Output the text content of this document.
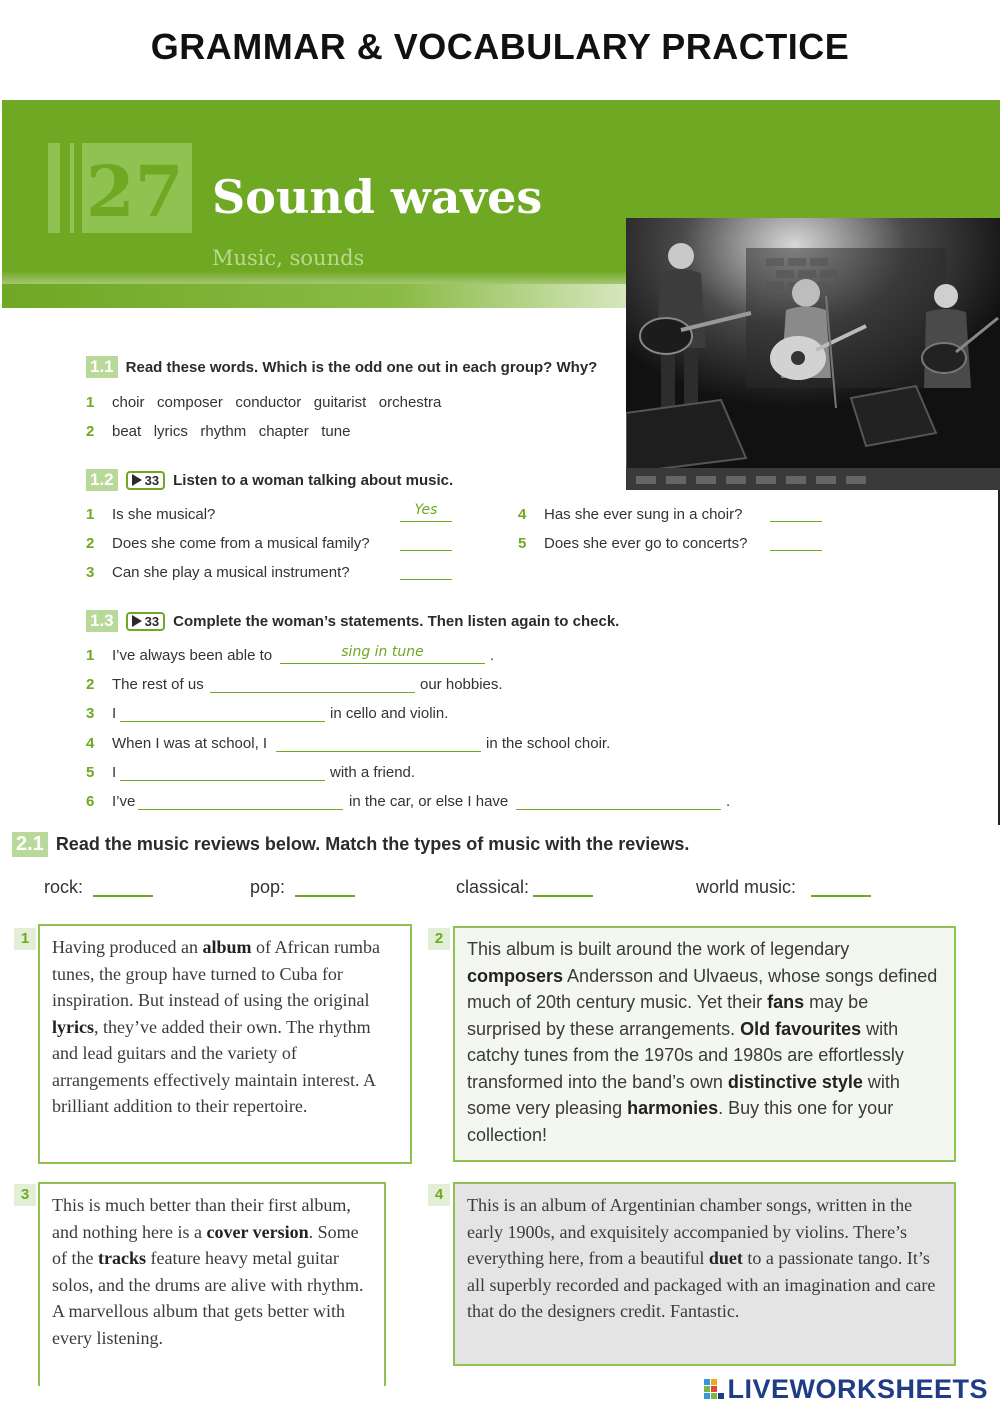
GRAMMAR & VOCABULARY PRACTICE
27 Sound waves
Music, sounds
1.1 Read these words. Which is the odd one out in each group? Why?
1 choir   composer   conductor   guitarist   orchestra
2 beat   lyrics   rhythm   chapter   tune
1.2 33 Listen to a woman talking about music.
1 Is she musical?	Yes
2 Does she come from a musical family?
3 Can she play a musical instrument?
4 Has she ever sung in a choir?
5 Does she ever go to concerts?
1.3 33 Complete the woman’s statements. Then listen again to check.
1 I’ve always been able to	sing in tune	.
2 The rest of us	our hobbies.
3 I	in cello and violin.
4 When I was at school, I	in the school choir.
5 I	with a friend.
6 I’ve	in the car, or else I have	.
2.1 Read the music reviews below. Match the types of music with the reviews.
rock:	pop:	classical:	world music:
1	Having produced an album of African rumba tunes, the group have turned to Cuba for inspiration. But instead of using the original lyrics, they’ve added their own. The rhythm and lead guitars and the variety of arrangements effectively maintain interest. A brilliant addition to their repertoire.
2
This album is built around the work of legendary composers Andersson and Ulvaeus, whose songs defined much of 20th century music. Yet their fans may be surprised by these arrangements. Old favourites with catchy tunes from the 1970s and 1980s are effortlessly transformed into the band’s own distinctive style with some very pleasing harmonies. Buy this one for your collection!
3
This is much better than their first album, and nothing here is a cover version. Some of the tracks feature heavy metal guitar solos, and the drums are alive with rhythm. A marvellous album that gets better with every listening.
4
This is an album of Argentinian chamber songs, written in the early 1900s, and exquisitely accompanied by violins. There’s everything here, from a beautiful duet to a passionate tango. It’s all superbly recorded and packaged with an imagination and care that do the designers credit. Fantastic.
LIVEWORKSHEETS
